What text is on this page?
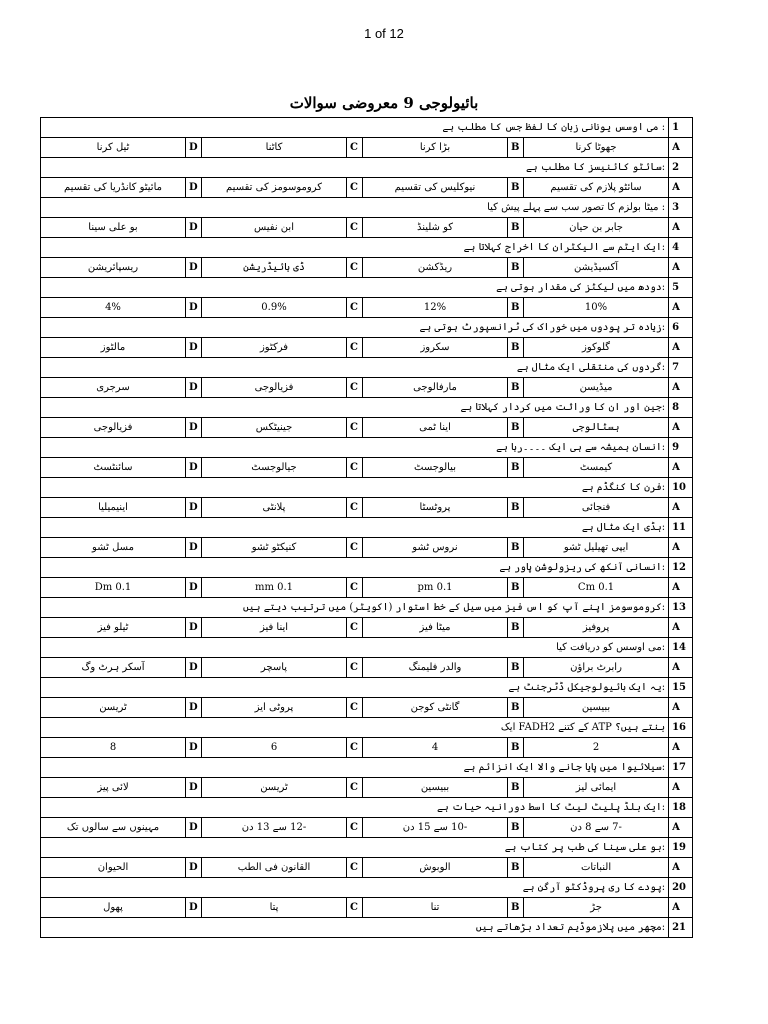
1 of 12
بائیولوجی 9 معروضی سوالات
: می اوسس یونانی زبان کا لفظ جس کا مطلب ہے							1
ٹیل کرنا	D	کاٹنا	C	بڑا کرنا	B	جھوٹا کرنا	A
:سائٹو کائنیسز کا مطلب ہے							2
مائیٹو کانڈریا کی تقسیم	D	کروموسومز کی تقسیم	C	نیوکلیس کی تقسیم	B	سائٹو پلازم کی تقسیم	A
: میٹا بولزم کا تصور سب سے پہلے پیش کیا							3
بو علی سینا	D	ابن نفیس	C	کو شلینڈ	B	جابر بن حیان	A
:ایک ایٹم سے الیکٹران کا اخراج کہلاتا ہے							4
ریسپائریشن	D	ڈی ہائیڈریشن	C	ریڈکشن	B	آکسیڈیشن	A
:دودھ میں لیکٹز کی مقدار ہوتی ہے							5
4%	D	0.9%	C	12%	B	10%	A
:زیادہ تر پودوں میں خوراک کی ٹرانسپورٹ ہوتی ہے							6
مالٹوز	D	فرکٹوز	C	سکروز	B	گلوکوز	A
:گردوں کی منتقلی ایک مثال ہے							7
سرجری	D	فزیالوجی	C	مارفالوجی	B	میڈیسن	A
:جین اور ان کا وراثت میں کردار کہلاتا ہے							8
فزیالوجی	D	جینیٹکس	C	اینا ٹمی	B	ہسٹالوجی	A
:انسان ہمیشہ سے ہی ایک ۔۔۔۔رہا ہے							9
سائنٹسٹ	D	جیالوجسٹ	C	بیالوجسٹ	B	کیمسٹ	A
:فرن کا کنگڈم ہے							10
اینیمیلیا	D	پلانٹی	C	پروٹسٹا	B	فنجائی	A
:ہڈی ایک مثال ہے							11
مسل ٹشو	D	کنیکٹو ٹشو	C	نروس ٹشو	B	ایپی تھیلیل ٹشو	A
:انسانی آنکھ کی ریزولوشن پاور ہے							12
0.1 Dm	D	0.1 mm	C	0.1 pm	B	0.1 Cm	A
:کروموسومز اپنے آپ کو اس فیز میں سیل کے خط استوار (اکویٹر) میں ترتیب دیتے ہیں							13
ٹیلو فیز	D	اینا فیز	C	میٹا فیز	B	پروفیز	A
:می اوسس کو دریافت کیا							14
آسکر ہرٹ وگ	D	پاسچر	C	والدر فلیمنگ	B	رابرٹ براؤن	A
:یہ ایک بائیولوجیکل ڈٹرجنٹ ہے							15
ٹریسن	D	پروٹی ایز	C	گانٹی کوجن	B	ببیسین	A
بنتے ہیں؟ ATP کے کتنے FADH2 ایک							16
8	D	6	C	4	B	2	A
:سیلائیوا میں پایا جانے والا ایک انزائم ہے							17
لائی پیز	D	ٹریسن	C	ببیسین	B	ایمائی لیز	A
:ایک بلڈ پلیٹ لیٹ کا اسط دورانیہ حیات ہے							18
مہینوں سے سالوں تک	D	-12 سے 13 دن	C	-10 سے 15 دن	B	-7 سے 8 دن	A
:بو علی سینا کی طب پر کتاب ہے							19
الحیوان	D	القانون فی الطب	C	الوبوش	B	النباتات	A
:پودے کا ری پروڈکٹو آرگن ہے							20
پھول	D	پتا	C	تنا	B	جڑ	A
:مچھر میں پلازموڈیم تعداد بڑھاتے ہیں							21
